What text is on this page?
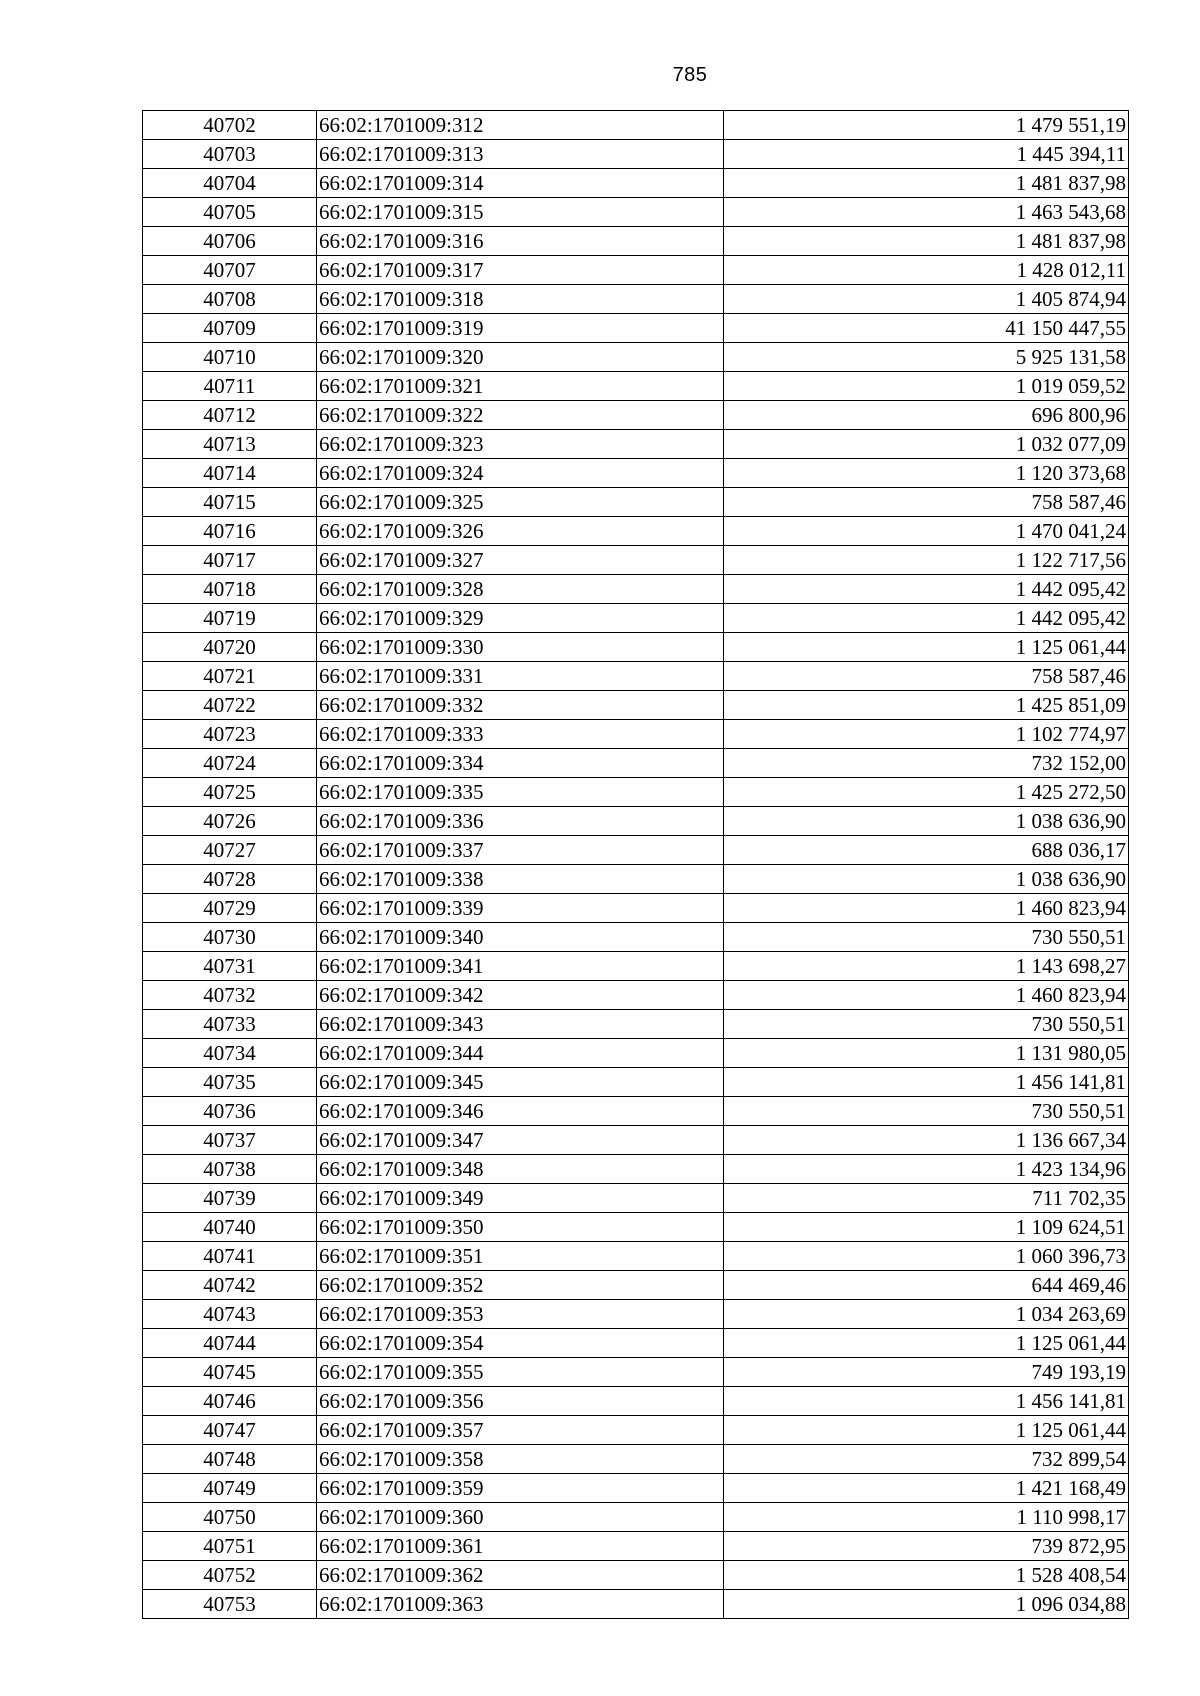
785
40702	66:02:1701009:312	1 479 551,19
40703	66:02:1701009:313	1 445 394,11
40704	66:02:1701009:314	1 481 837,98
40705	66:02:1701009:315	1 463 543,68
40706	66:02:1701009:316	1 481 837,98
40707	66:02:1701009:317	1 428 012,11
40708	66:02:1701009:318	1 405 874,94
40709	66:02:1701009:319	41 150 447,55
40710	66:02:1701009:320	5 925 131,58
40711	66:02:1701009:321	1 019 059,52
40712	66:02:1701009:322	696 800,96
40713	66:02:1701009:323	1 032 077,09
40714	66:02:1701009:324	1 120 373,68
40715	66:02:1701009:325	758 587,46
40716	66:02:1701009:326	1 470 041,24
40717	66:02:1701009:327	1 122 717,56
40718	66:02:1701009:328	1 442 095,42
40719	66:02:1701009:329	1 442 095,42
40720	66:02:1701009:330	1 125 061,44
40721	66:02:1701009:331	758 587,46
40722	66:02:1701009:332	1 425 851,09
40723	66:02:1701009:333	1 102 774,97
40724	66:02:1701009:334	732 152,00
40725	66:02:1701009:335	1 425 272,50
40726	66:02:1701009:336	1 038 636,90
40727	66:02:1701009:337	688 036,17
40728	66:02:1701009:338	1 038 636,90
40729	66:02:1701009:339	1 460 823,94
40730	66:02:1701009:340	730 550,51
40731	66:02:1701009:341	1 143 698,27
40732	66:02:1701009:342	1 460 823,94
40733	66:02:1701009:343	730 550,51
40734	66:02:1701009:344	1 131 980,05
40735	66:02:1701009:345	1 456 141,81
40736	66:02:1701009:346	730 550,51
40737	66:02:1701009:347	1 136 667,34
40738	66:02:1701009:348	1 423 134,96
40739	66:02:1701009:349	711 702,35
40740	66:02:1701009:350	1 109 624,51
40741	66:02:1701009:351	1 060 396,73
40742	66:02:1701009:352	644 469,46
40743	66:02:1701009:353	1 034 263,69
40744	66:02:1701009:354	1 125 061,44
40745	66:02:1701009:355	749 193,19
40746	66:02:1701009:356	1 456 141,81
40747	66:02:1701009:357	1 125 061,44
40748	66:02:1701009:358	732 899,54
40749	66:02:1701009:359	1 421 168,49
40750	66:02:1701009:360	1 110 998,17
40751	66:02:1701009:361	739 872,95
40752	66:02:1701009:362	1 528 408,54
40753	66:02:1701009:363	1 096 034,88
